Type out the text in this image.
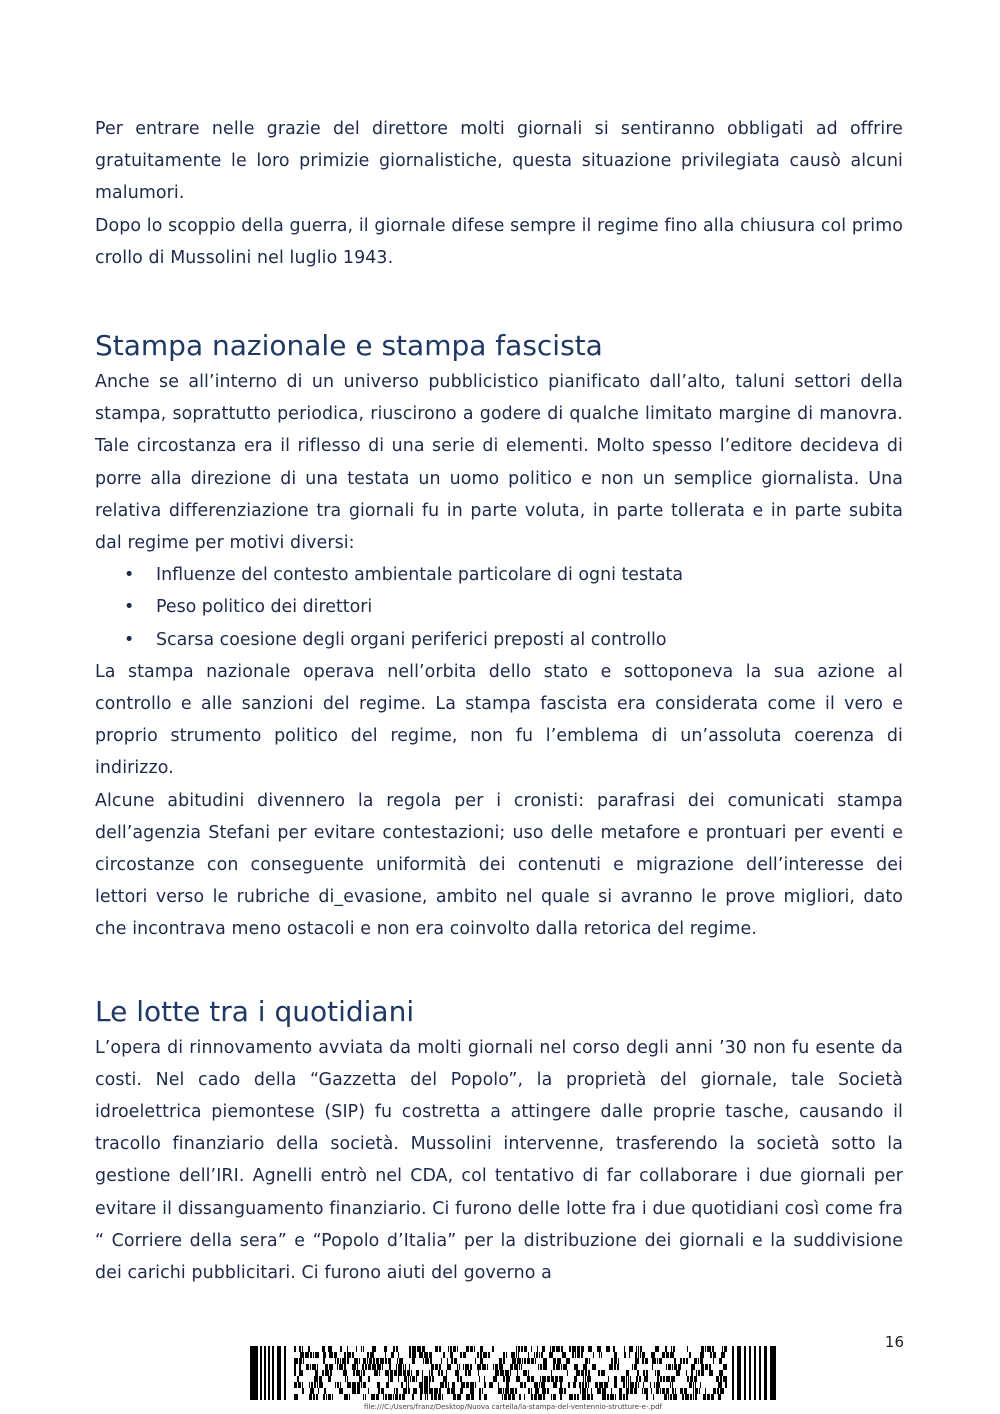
Per entrare nelle grazie del direttore molti giornali si sentiranno obbligati ad offrire gratuitamente le loro primizie giornalistiche, questa situazione privilegiata causò alcuni malumori.

Dopo lo scoppio della guerra, il giornale difese sempre il regime fino alla chiusura col primo crollo di Mussolini nel luglio 1943.

Stampa nazionale e stampa fascista

Anche se all’interno di un universo pubblicistico pianificato dall’alto, taluni settori della stampa, soprattutto periodica, riuscirono a godere di qualche limitato margine di manovra. Tale circostanza era il riflesso di una serie di elementi. Molto spesso l’editore decideva di porre alla direzione di una testata un uomo politico e non un semplice giornalista. Una relativa differenziazione tra giornali fu in parte voluta, in parte tollerata e in parte subita dal regime per motivi diversi:

• Influenze del contesto ambientale particolare di ogni testata
• Peso politico dei direttori
• Scarsa coesione degli organi periferici preposti al controllo

La stampa nazionale operava nell’orbita dello stato e sottoponeva la sua azione al controllo e alle sanzioni del regime. La stampa fascista era considerata come il vero e proprio strumento politico del regime, non fu l’emblema di un’assoluta coerenza di indirizzo.

Alcune abitudini divennero la regola per i cronisti: parafrasi dei comunicati stampa dell’agenzia Stefani per evitare contestazioni; uso delle metafore e prontuari per eventi e circostanze con conseguente uniformità dei contenuti e migrazione dell’interesse dei lettori verso le rubriche di_evasione, ambito nel quale si avranno le prove migliori, dato che incontrava meno ostacoli e non era coinvolto dalla retorica del regime.

Le lotte tra i quotidiani

L’opera di rinnovamento avviata da molti giornali nel corso degli anni ’30 non fu esente da costi. Nel cado della “Gazzetta del Popolo”, la proprietà del giornale, tale Società idroelettrica piemontese (SIP) fu costretta a attingere dalle proprie tasche, causando il tracollo finanziario della società. Mussolini intervenne, trasferendo la società sotto la gestione dell’IRI. Agnelli entrò nel CDA, col tentativo di far collaborare i due giornali per evitare il dissanguamento finanziario. Ci furono delle lotte fra i due quotidiani così come fra “ Corriere della sera” e “Popolo d’Italia” per la distribuzione dei giornali e la suddivisione dei carichi pubblicitari. Ci furono aiuti del governo a

16
file:///C:/Users/franz/Desktop/Nuova cartella/la-stampa-del-ventennio-strutture-e-.pdf
